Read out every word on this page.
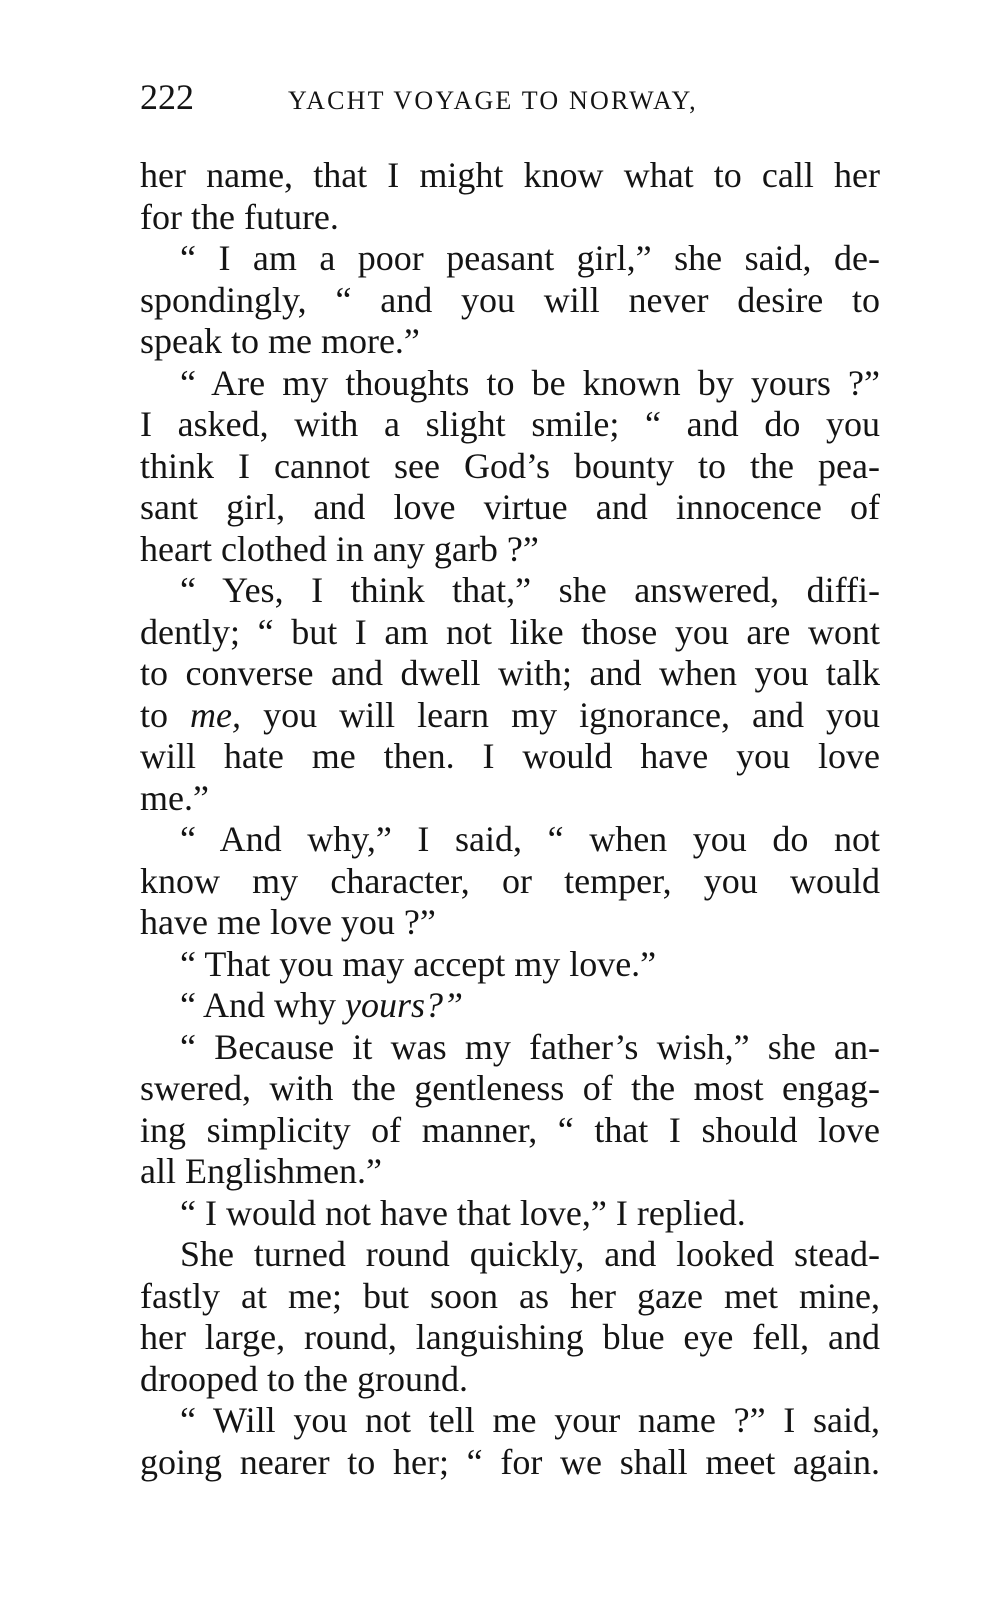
222	YACHT VOYAGE TO NORWAY,
her name, that I might know what to call her
for the future.
“ I am a poor peasant girl,” she said, de-
spondingly, “ and you will never desire to
speak to me more.”
“ Are my thoughts to be known by yours ?”
I asked, with a slight smile; “ and do you
think I cannot see God’s bounty to the pea-
sant girl, and love virtue and innocence of
heart clothed in any garb ?”
“ Yes, I think that,” she answered, diffi-
dently; “ but I am not like those you are wont
to converse and dwell with; and when you talk
to me, you will learn my ignorance, and you
will hate me then. I would have you love
me.”
“ And why,” I said, “ when you do not
know my character, or temper, you would
have me love you ?”
“ That you may accept my love.”
“ And why yours?”
“ Because it was my father’s wish,” she an-
swered, with the gentleness of the most engag-
ing simplicity of manner, “ that I should love
all Englishmen.”
“ I would not have that love,” I replied.
She turned round quickly, and looked stead-
fastly at me; but soon as her gaze met mine,
her large, round, languishing blue eye fell, and
drooped to the ground.
“ Will you not tell me your name ?” I said,
going nearer to her; “ for we shall meet again.
